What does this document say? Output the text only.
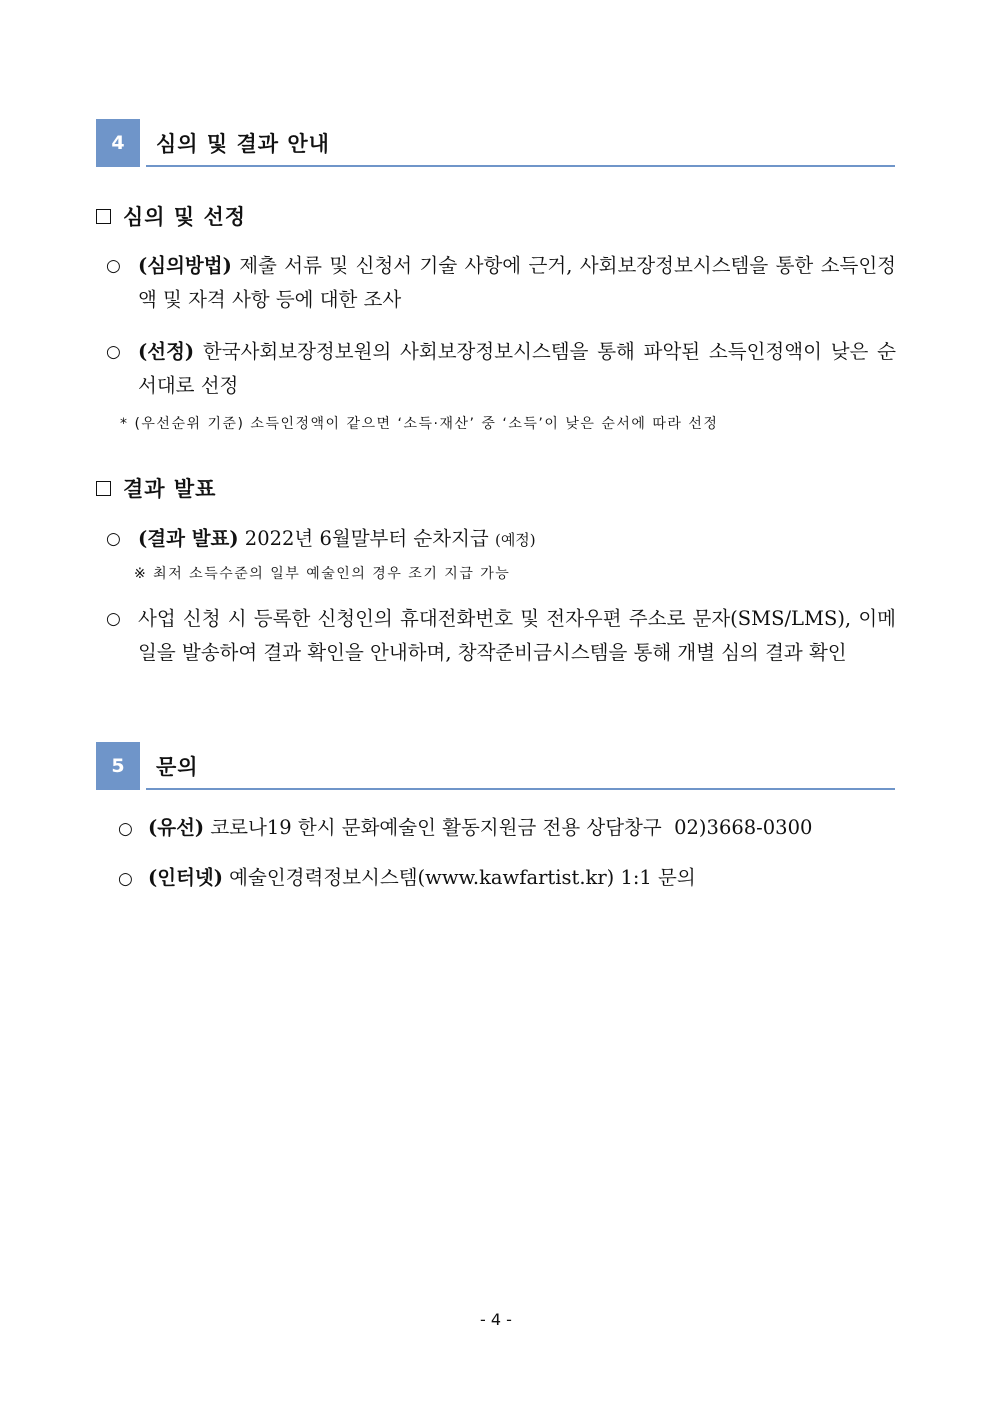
4	심의 및 결과 안내
심의 및 선정
○ (심의방법) 제출 서류 및 신청서 기술 사항에 근거, 사회보장정보시스템을 통한 소득인정액 및 자격 사항 등에 대한 조사
○ (선정) 한국사회보장정보원의 사회보장정보시스템을 통해 파악된 소득인정액이 낮은 순서대로 선정
* (우선순위 기준) 소득인정액이 같으면 ‘소득·재산’ 중 ‘소득’이 낮은 순서에 따라 선정
결과 발표
○ (결과 발표) 2022년 6월말부터 순차지급 (예정)
※ 최저 소득수준의 일부 예술인의 경우 조기 지급 가능
○ 사업 신청 시 등록한 신청인의 휴대전화번호 및 전자우편 주소로 문자(SMS/LMS), 이메일을 발송하여 결과 확인을 안내하며, 창작준비금시스템을 통해 개별 심의 결과 확인
5	문의
○ (유선) 코로나19 한시 문화예술인 활동지원금 전용 상담창구  02)3668-0300
○ (인터넷) 예술인경력정보시스템(www.kawfartist.kr) 1:1 문의
- 4 -
